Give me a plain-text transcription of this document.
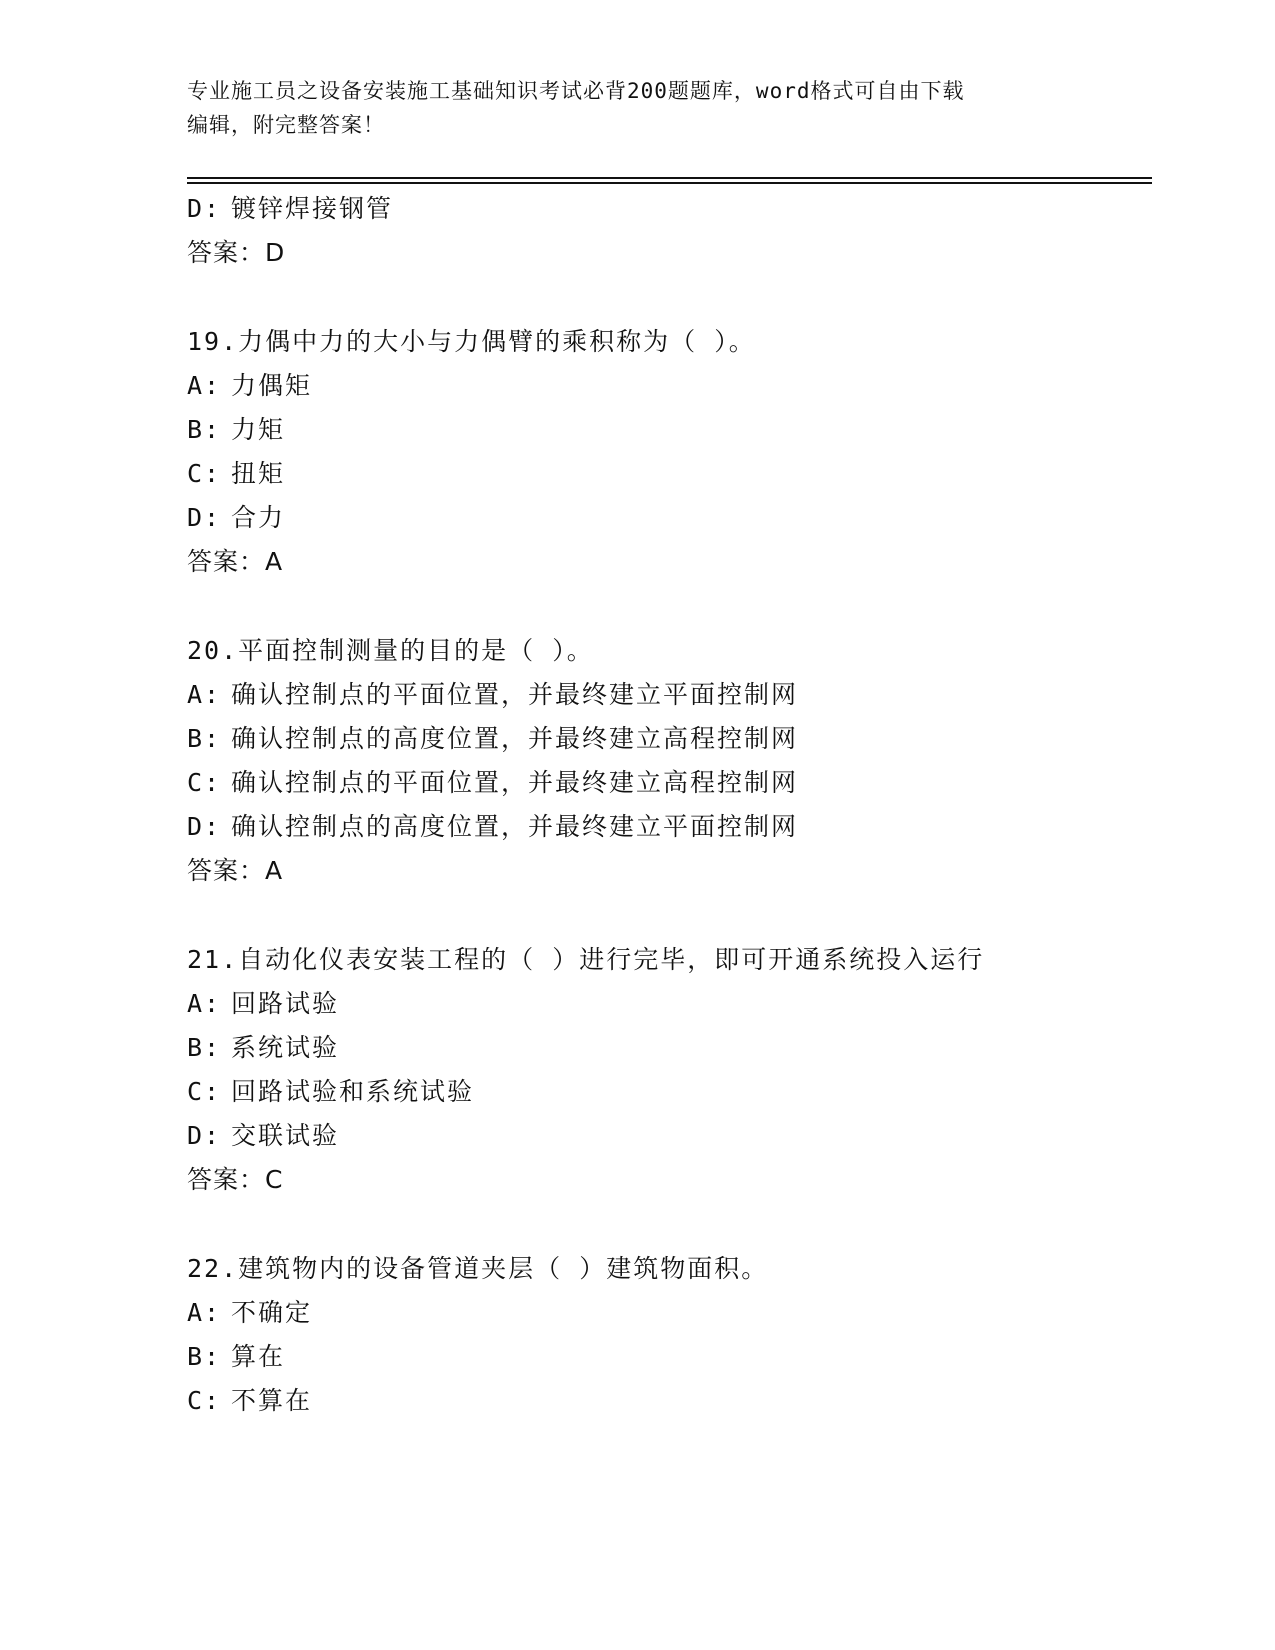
专业施工员之设备安装施工基础知识考试必背200题题库，word格式可自由下载
编辑，附完整答案！
D: 镀锌焊接钢管
答案：D
19.力偶中力的大小与力偶臂的乘积称为（ ）。
A: 力偶矩
B: 力矩
C: 扭矩
D: 合力
答案：A
20.平面控制测量的目的是（ ）。
A: 确认控制点的平面位置，并最终建立平面控制网
B: 确认控制点的高度位置，并最终建立高程控制网
C: 确认控制点的平面位置，并最终建立高程控制网
D: 确认控制点的高度位置，并最终建立平面控制网
答案：A
21.自动化仪表安装工程的（ ）进行完毕，即可开通系统投入运行
A: 回路试验
B: 系统试验
C: 回路试验和系统试验
D: 交联试验
答案：C
22.建筑物内的设备管道夹层（ ）建筑物面积。
A: 不确定
B: 算在
C: 不算在
